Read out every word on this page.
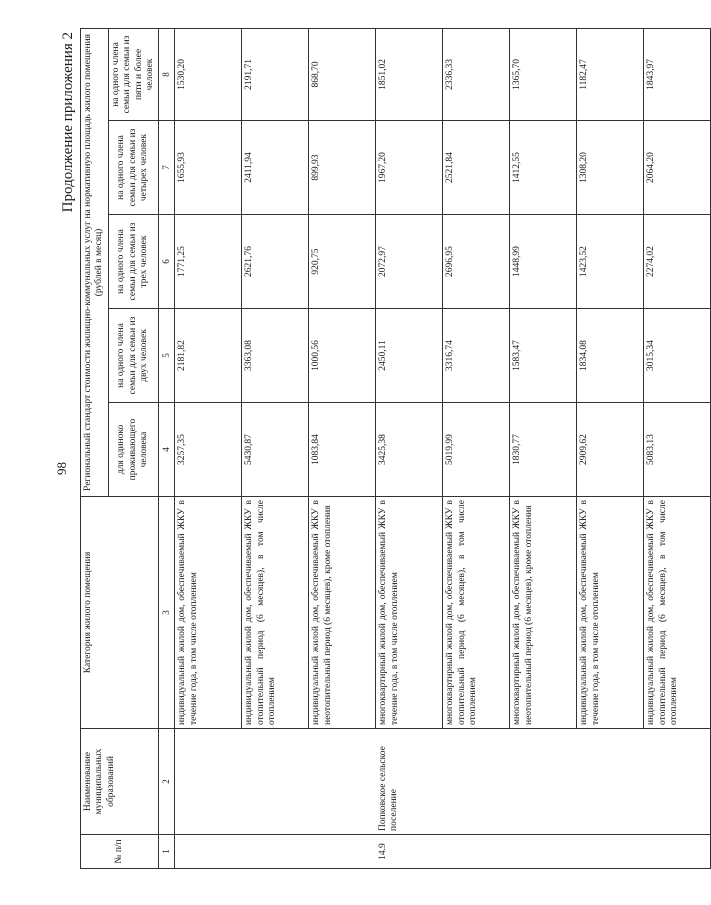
98
Продолжение приложения 2
№ п/п	Наименование муниципальных образований	Категория жилого помещения	Региональный стандарт стоимости жилищно-коммунальных услуг на нормативную площадь жилого помещения (рублей в месяц)				
			для одиноко проживающего человека	на одного члена семьи для семьи из двух человек	на одного члена семьи для семьи из трех человек	на одного члена семьи для семьи из четырех человек	на одного члена семьи для семьи из пяти и более человек
1	2	3	4	5	6	7	8
		индивидуальный жилой дом, обеспечиваемый ЖКУ в течение года, в том числе отоплением	3257,35	2181,82	1771,25	1655,93	1530,20
		индивидуальный жилой дом, обеспечиваемый ЖКУ в отопительный период (6 месяцев), в том числе отоплением	5430,87	3363,08	2621,76	2411,94	2191,71
		индивидуальный жилой дом, обеспечиваемый ЖКУ в неотопительный период (6 месяцев), кроме отопления	1083,84	1000,56	920,75	899,93	868,70
14.9	Попковское сельское поселение	многоквартирный жилой дом, обеспечиваемый ЖКУ в течение года, в том числе отоплением	3425,38	2450,11	2072,97	1967,20	1851,02
		многоквартирный жилой дом, обеспечиваемый ЖКУ в отопительный период (6 месяцев), в том числе отоплением	5019,99	3316,74	2696,95	2521,84	2336,33
		многоквартирный жилой дом, обеспечиваемый ЖКУ в неотопительный период (6 месяцев), кроме отопления	1830,77	1583,47	1448,99	1412,55	1365,70
		индивидуальный жилой дом, обеспечиваемый ЖКУ в течение года, в том числе отоплением	2909,62	1834,08	1423,52	1308,20	1182,47
		индивидуальный жилой дом, обеспечиваемый ЖКУ в отопительный период (6 месяцев), в том числе отоплением	5083,13	3015,34	2274,02	2064,20	1843,97
